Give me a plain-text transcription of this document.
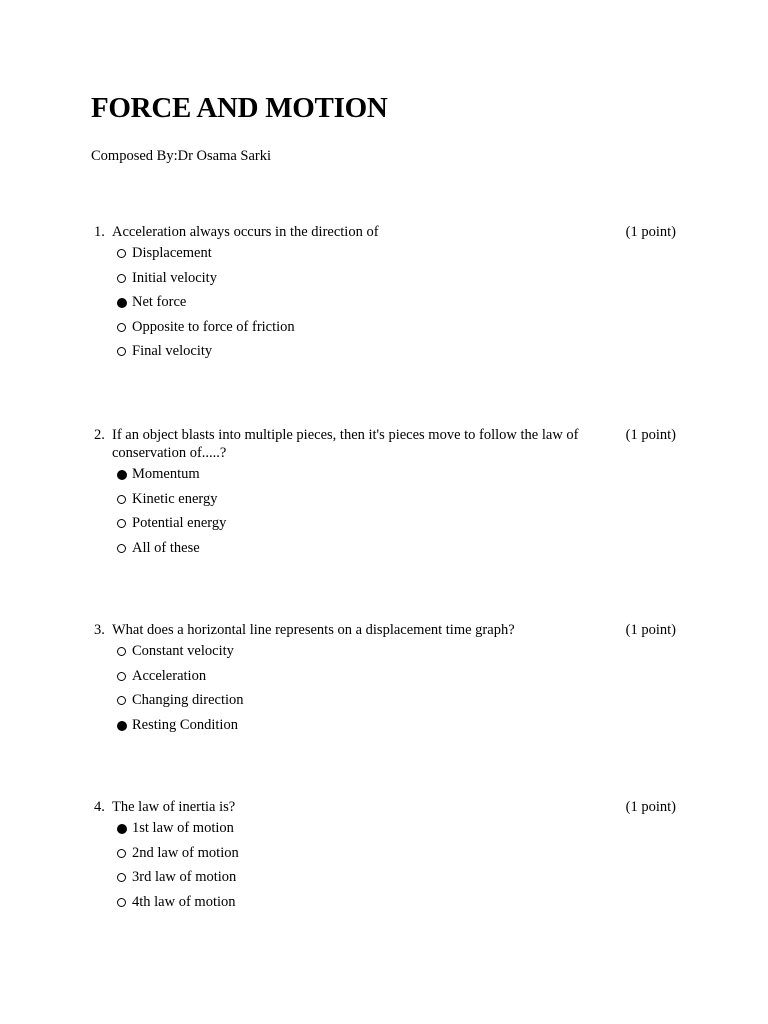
FORCE AND MOTION

Composed By:Dr Osama Sarki

1. Acceleration always occurs in the direction of	(1 point)
Displacement
Initial velocity
Net force
Opposite to force of friction
Final velocity
2. If an object blasts into multiple pieces, then it's pieces move to follow the law of conservation of.....?
(1 point)
Momentum
Kinetic energy
Potential energy
All of these
3. What does a horizontal line represents on a displacement time graph?	(1 point)
Constant velocity
Acceleration
Changing direction
Resting Condition
4. The law of inertia is?	(1 point)
1st law of motion
2nd law of motion
3rd law of motion
4th law of motion
